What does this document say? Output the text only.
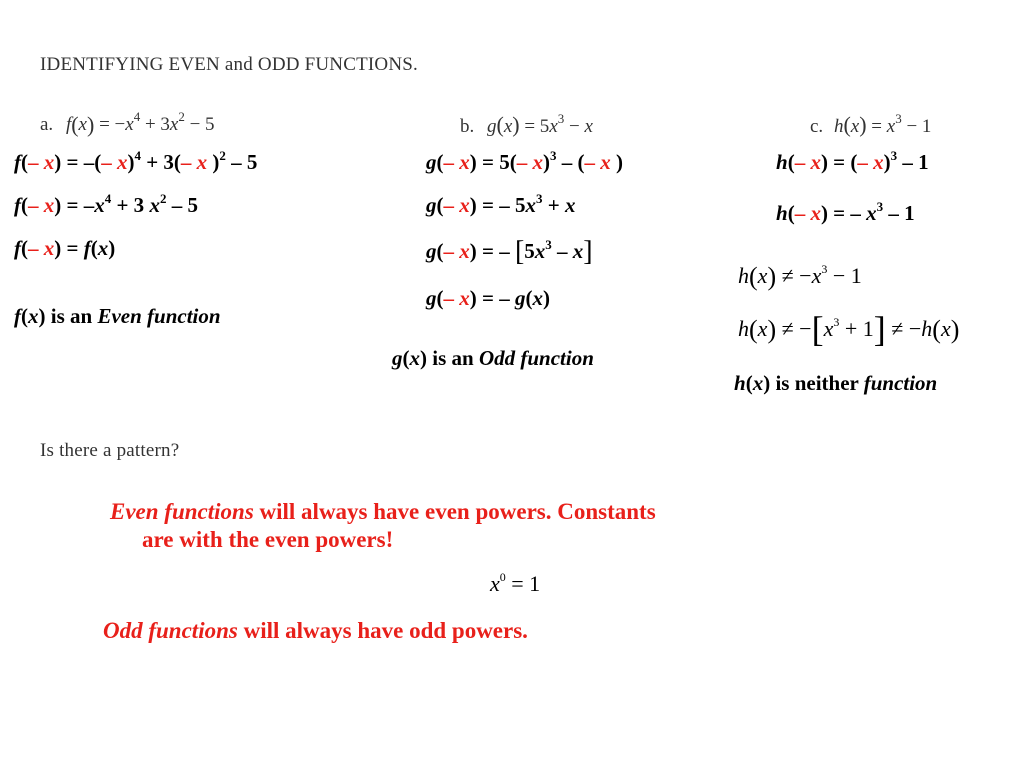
IDENTIFYING EVEN and ODD FUNCTIONS.
a. $f(x) = -x^4 + 3x^2 - 5$	b. $g(x) = 5x^3 - x$	c. $h(x) = x^3 - 1$
f(– x) = –(– x)$^4$ + 3(– x )$^2$ – 5
f(– $x) = -x^4 + 3$ $x^2 - 5$
f(– x) = f(x)
f(x) is an Even function
g(– x) = 5(– x)$^3$ – (– x )
g(– x) = – $5x^3 + x$
g(– x) = – $[5x^3 - x]$
g(– x) = – g(x)
g(x) is an Odd function
h(– x) = (– x)$^3$ – 1
h(– x) = – $x^3 - 1$
$h(x) \ne -x^3 - 1$
$h(x) \ne -[x^3 + 1] \ne -h(x)$
h(x) is neither function
Is there a pattern?
Even functions will always have even powers. Constants
are with the even powers!
$x^0 = 1$
Odd functions will always have odd powers.
